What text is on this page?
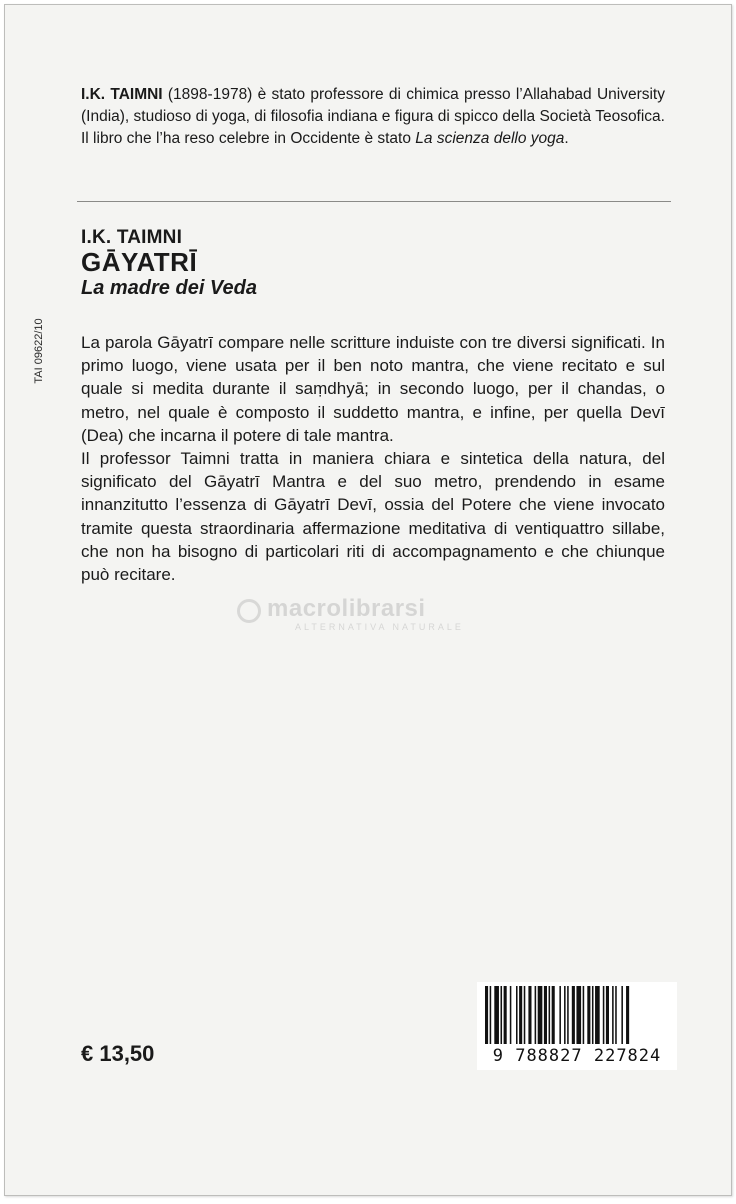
I.K. TAIMNI (1898-1978) è stato professore di chimica presso l’Allahabad University (India), studioso di yoga, di filosofia indiana e figura di spicco della Società Teosofica. Il libro che l’ha reso celebre in Occidente è stato La scienza dello yoga.
I.K. TAIMNI
GĀYATRĪ
La madre dei Veda
TAI 09622/10 La parola Gāyatrī compare nelle scritture induiste con tre diversi significati. In primo luogo, viene usata per il ben noto mantra, che viene recitato e sul quale si medita durante il saṃdhyā; in secondo luogo, per il chandas, o metro, nel quale è composto il suddetto mantra, e infine, per quella Devī (Dea) che incarna il potere di tale mantra.

Il professor Taimni tratta in maniera chiara e sintetica della natura, del significato del Gāyatrī Mantra e del suo metro, prendendo in esame innanzitutto l’essenza di Gāyatrī Devī, ossia del Potere che viene invocato tramite questa straordinaria affermazione meditativa di ventiquattro sillabe, che non ha bisogno di particolari riti di accompagnamento e che chiunque può recitare.

macrolibrarsi
ALTERNATIVA NATURALE
€ 13,50	9 788827 227824
